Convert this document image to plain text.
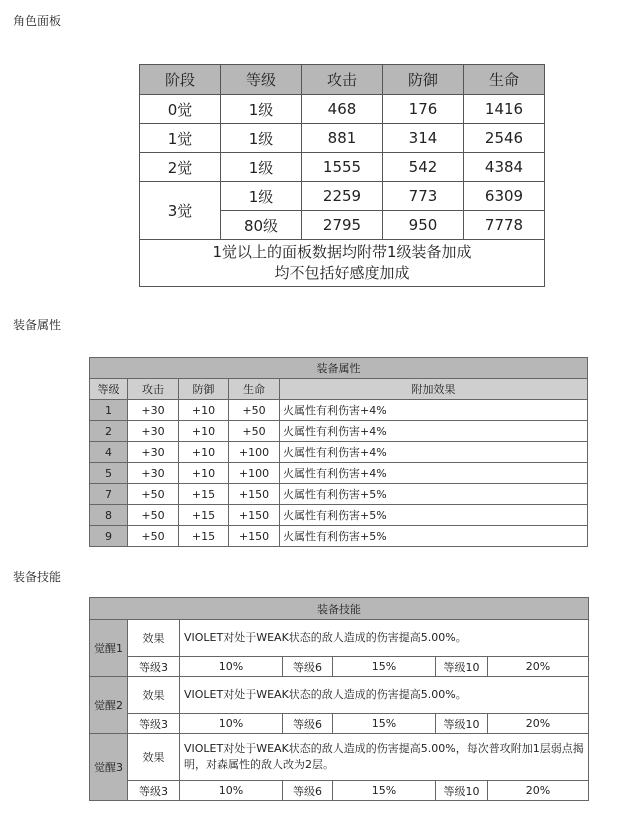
角色面板
阶段	等级	攻击	防御	生命
0觉	1级	468	176	1416
1觉	1级	881	314	2546
2觉	1级	1555	542	4384
3觉	1级	2259	773	6309
	80级	2795	950	7778

1觉以上的面板数据均附带1级装备加成
均不包括好感度加成				
装备属性
装备属性				
等级	攻击	防御	生命	附加效果
1	+30	+10	+50	火属性有利伤害+4%
2	+30	+10	+50	火属性有利伤害+4%
4	+30	+10	+100	火属性有利伤害+4%
5	+30	+10	+100	火属性有利伤害+4%
7	+50	+15	+150	火属性有利伤害+5%
8	+50	+15	+150	火属性有利伤害+5%
9	+50	+15	+150	火属性有利伤害+5%
装备技能
装备技能						
觉醒1	效果	VIOLET对处于WEAK状态的敌人造成的伤害提高5.00%。				
	等级3	10%	等级6	15%	等级10	20%
觉醒2	效果	VIOLET对处于WEAK状态的敌人造成的伤害提高5.00%。				
	等级3	10%	等级6	15%	等级10	20%
觉醒3	效果	VIOLET对处于WEAK状态的敌人造成的伤害提高5.00%，每次普攻附加1层弱点揭明，对森属性的敌人改为2层。				
	等级3	10%	等级6	15%	等级10	20%
